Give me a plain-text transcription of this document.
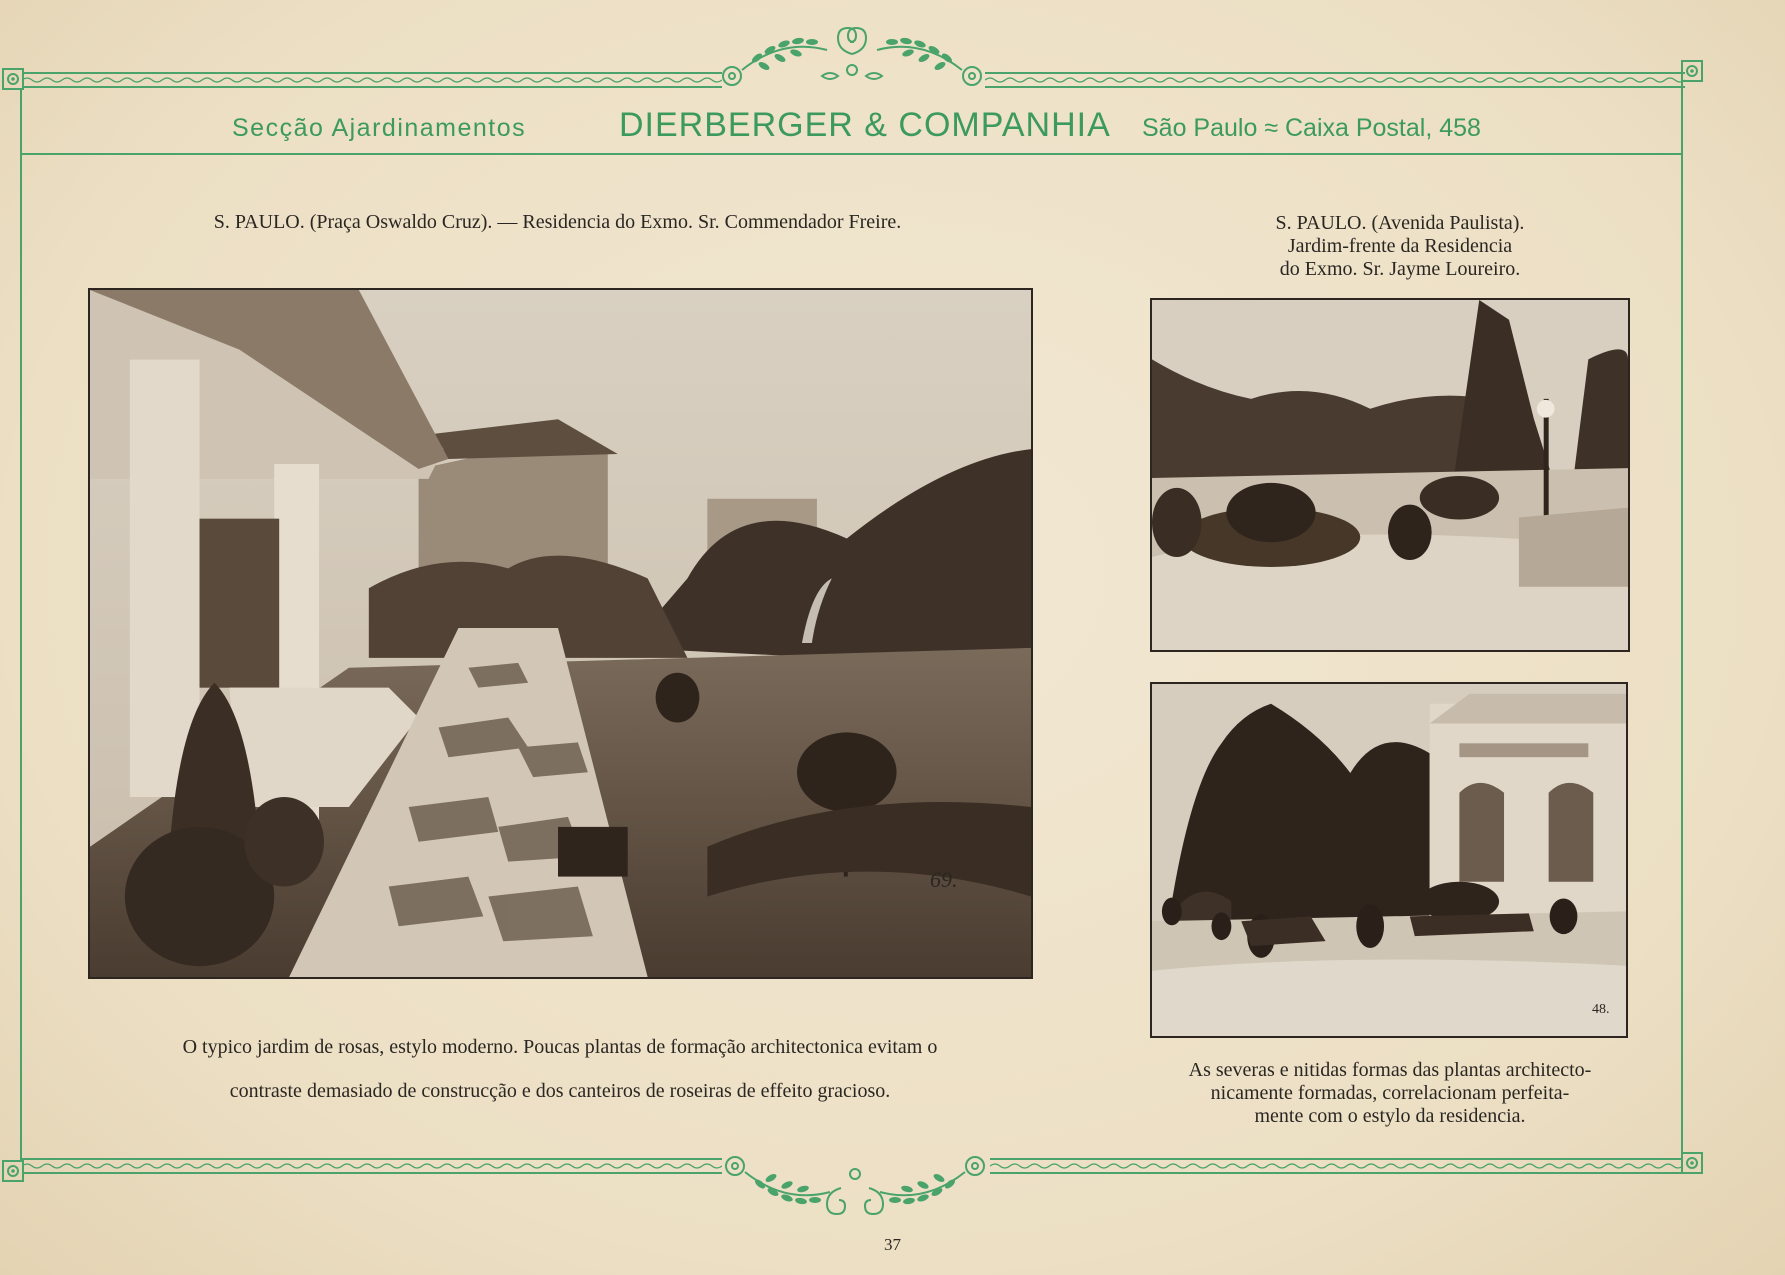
Secção Ajardinamentos	DIERBERGER & COMPANHIA São Paulo ≈ Caixa Postal, 458
S. PAULO. (Praça Oswaldo Cruz). — Residencia do Exmo. Sr. Commendador Freire.
69.
O typico jardim de rosas, estylo moderno. Poucas plantas de formação architectonica evitam o
contraste demasiado de construcção e dos canteiros de roseiras de effeito gracioso.
S. PAULO. (Avenida Paulista).
Jardim-frente da Residencia
do Exmo. Sr. Jayme Loureiro.
48.
As severas e nitidas formas das plantas architecto-
nicamente formadas, correlacionam perfeita-
mente com o estylo da residencia.
37
